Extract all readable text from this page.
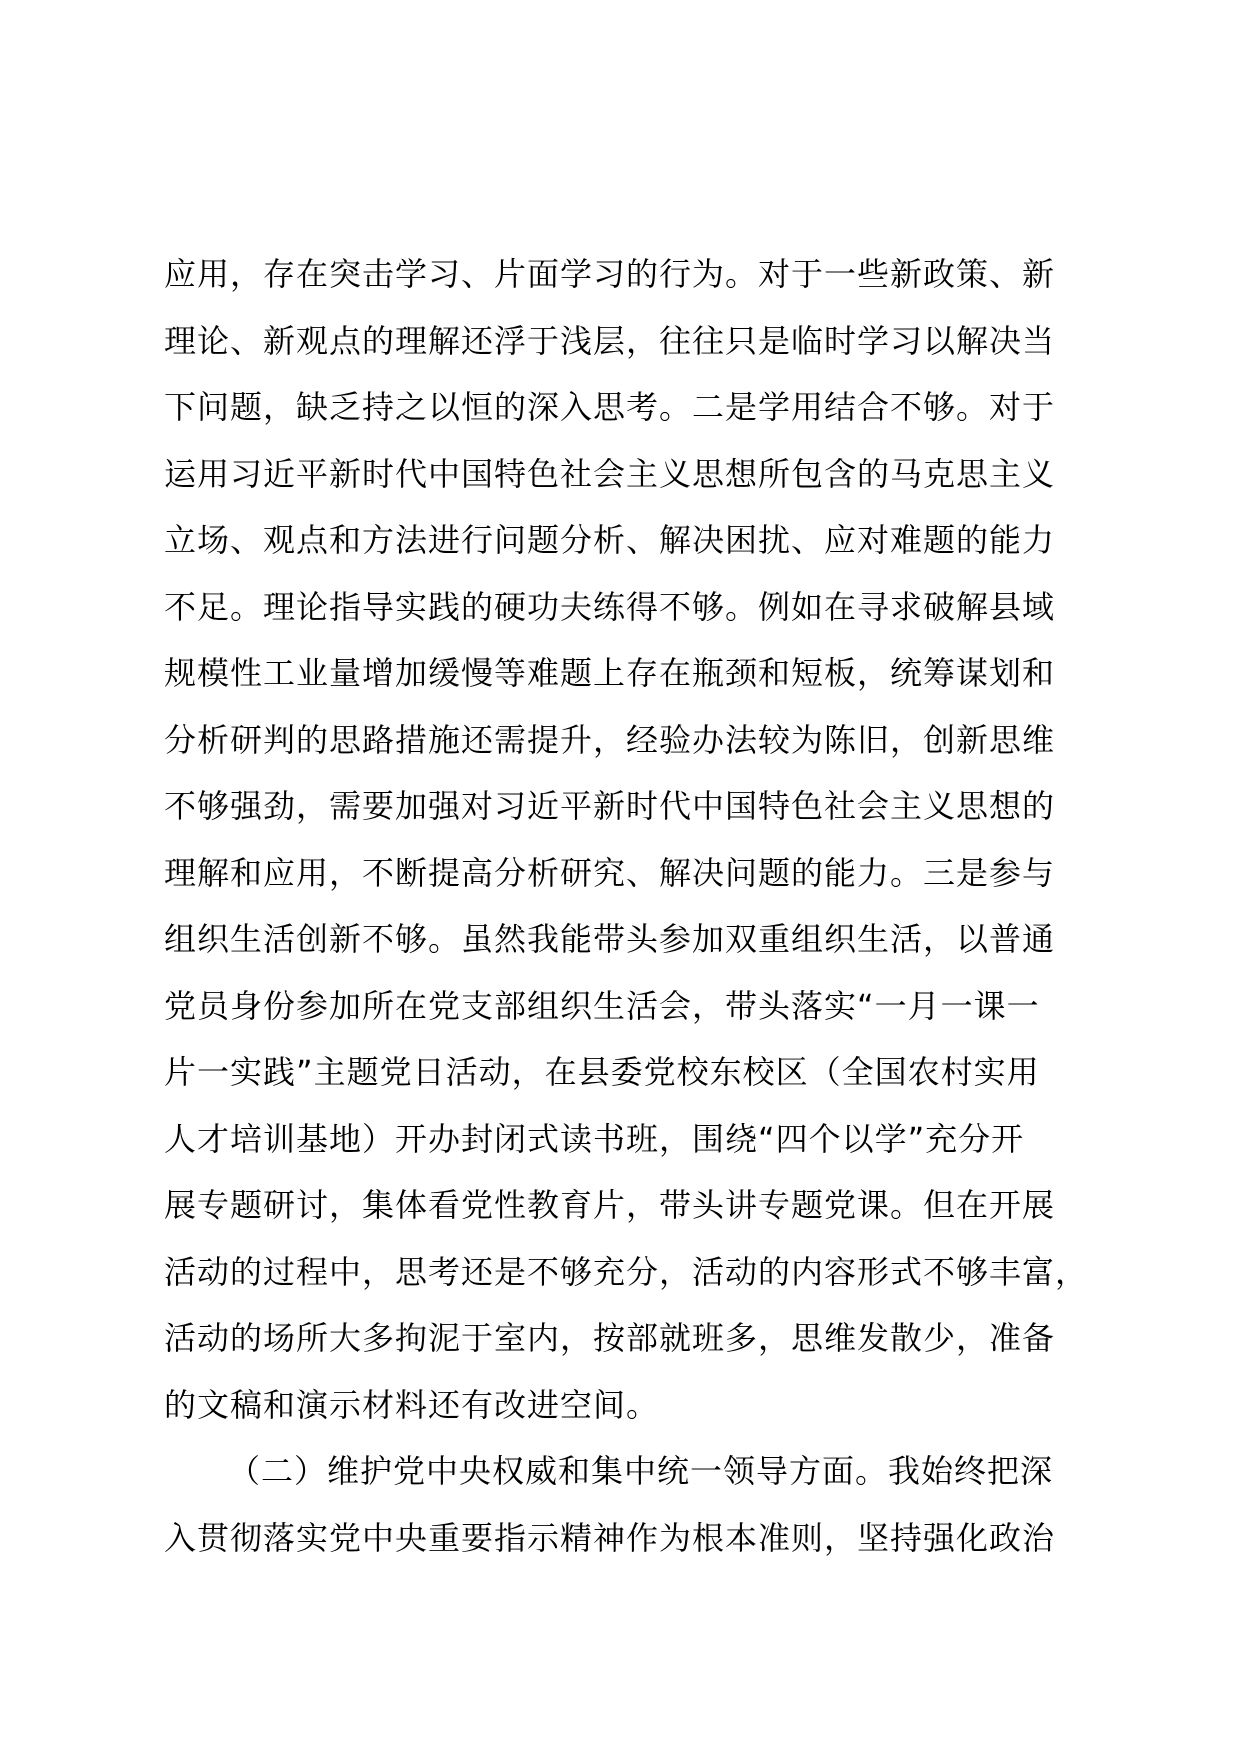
应用，存在突击学习、片面学习的行为。对于一些新政策、新
理论、新观点的理解还浮于浅层，往往只是临时学习以解决当
下问题，缺乏持之以恒的深入思考。二是学用结合不够。对于
运用习近平新时代中国特色社会主义思想所包含的马克思主义
立场、观点和方法进行问题分析、解决困扰、应对难题的能力
不足。理论指导实践的硬功夫练得不够。例如在寻求破解县域
规模性工业量增加缓慢等难题上存在瓶颈和短板，统筹谋划和
分析研判的思路措施还需提升，经验办法较为陈旧，创新思维
不够强劲，需要加强对习近平新时代中国特色社会主义思想的
理解和应用，不断提高分析研究、解决问题的能力。三是参与
组织生活创新不够。虽然我能带头参加双重组织生活，以普通
党员身份参加所在党支部组织生活会，带头落实“一月一课一
片一实践”主题党日活动，在县委党校东校区（全国农村实用
人才培训基地）开办封闭式读书班，围绕“四个以学”充分开
展专题研讨，集体看党性教育片，带头讲专题党课。但在开展
活动的过程中，思考还是不够充分，活动的内容形式不够丰富，
活动的场所大多拘泥于室内，按部就班多，思维发散少，准备
的文稿和演示材料还有改进空间。
（二）维护党中央权威和集中统一领导方面。我始终把深
入贯彻落实党中央重要指示精神作为根本准则，坚持强化政治
